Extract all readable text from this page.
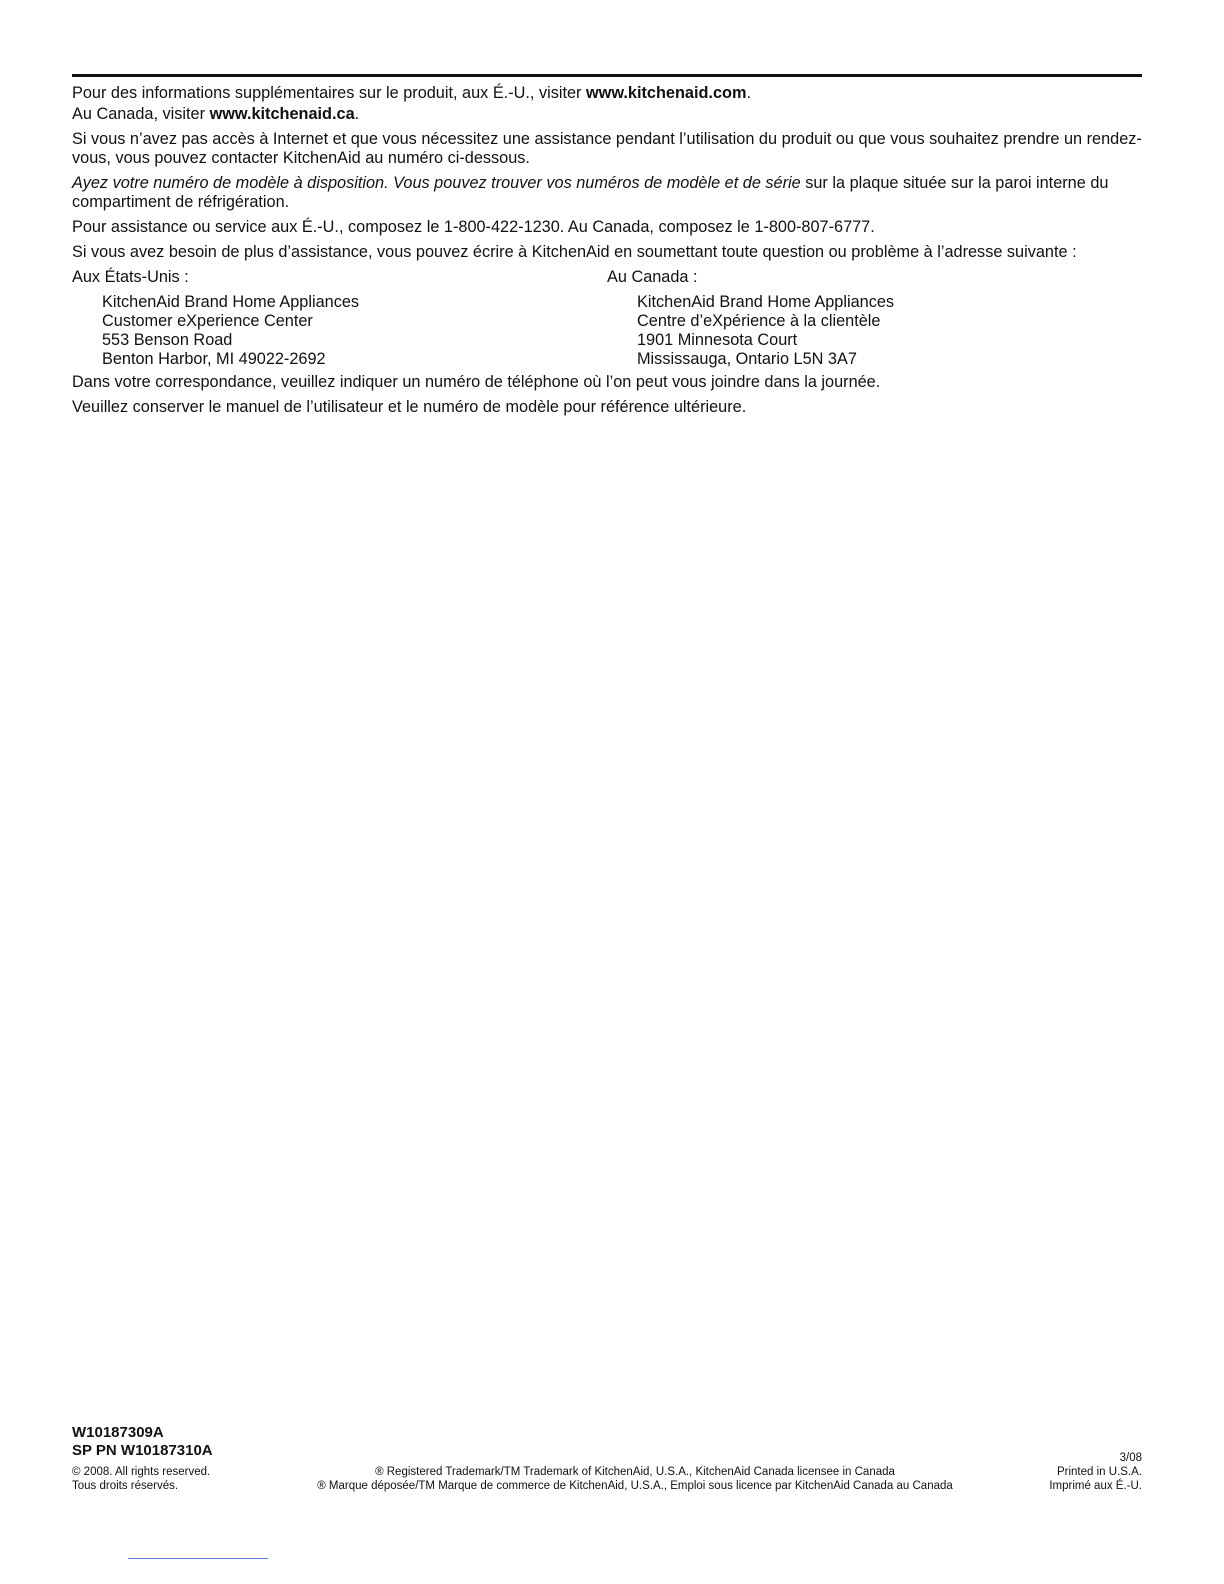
Pour des informations supplémentaires sur le produit, aux É.-U., visiter www.kitchenaid.com.

Au Canada, visiter www.kitchenaid.ca.

Si vous n’avez pas accès à Internet et que vous nécessitez une assistance pendant l’utilisation du produit ou que vous souhaitez prendre un rendez-vous, vous pouvez contacter KitchenAid au numéro ci-dessous.

Ayez votre numéro de modèle à disposition. Vous pouvez trouver vos numéros de modèle et de série sur la plaque située sur la paroi interne du compartiment de réfrigération.

Pour assistance ou service aux É.-U., composez le 1-800-422-1230. Au Canada, composez le 1-800-807-6777.

Si vous avez besoin de plus d’assistance, vous pouvez écrire à KitchenAid en soumettant toute question ou problème à l’adresse suivante :

Aux États-Unis :
KitchenAid Brand Home Appliances
Customer eXperience Center
553 Benson Road
Benton Harbor, MI 49022-2692
Au Canada :
KitchenAid Brand Home Appliances
Centre d’eXpérience à la clientèle
1901 Minnesota Court
Mississauga, Ontario L5N 3A7

Dans votre correspondance, veuillez indiquer un numéro de téléphone où l’on peut vous joindre dans la journée.

Veuillez conserver le manuel de l’utilisateur et le numéro de modèle pour référence ultérieure.

W10187309A
SP PN W10187310A	3/08
© 2008. All rights reserved.	® Registered Trademark/TM Trademark of KitchenAid, U.S.A., KitchenAid Canada licensee in Canada	Printed in U.S.A.
Tous droits réservés.	® Marque déposée/TM Marque de commerce de KitchenAid, U.S.A., Emploi sous licence par KitchenAid Canada au Canada	Imprimé aux É.-U.
